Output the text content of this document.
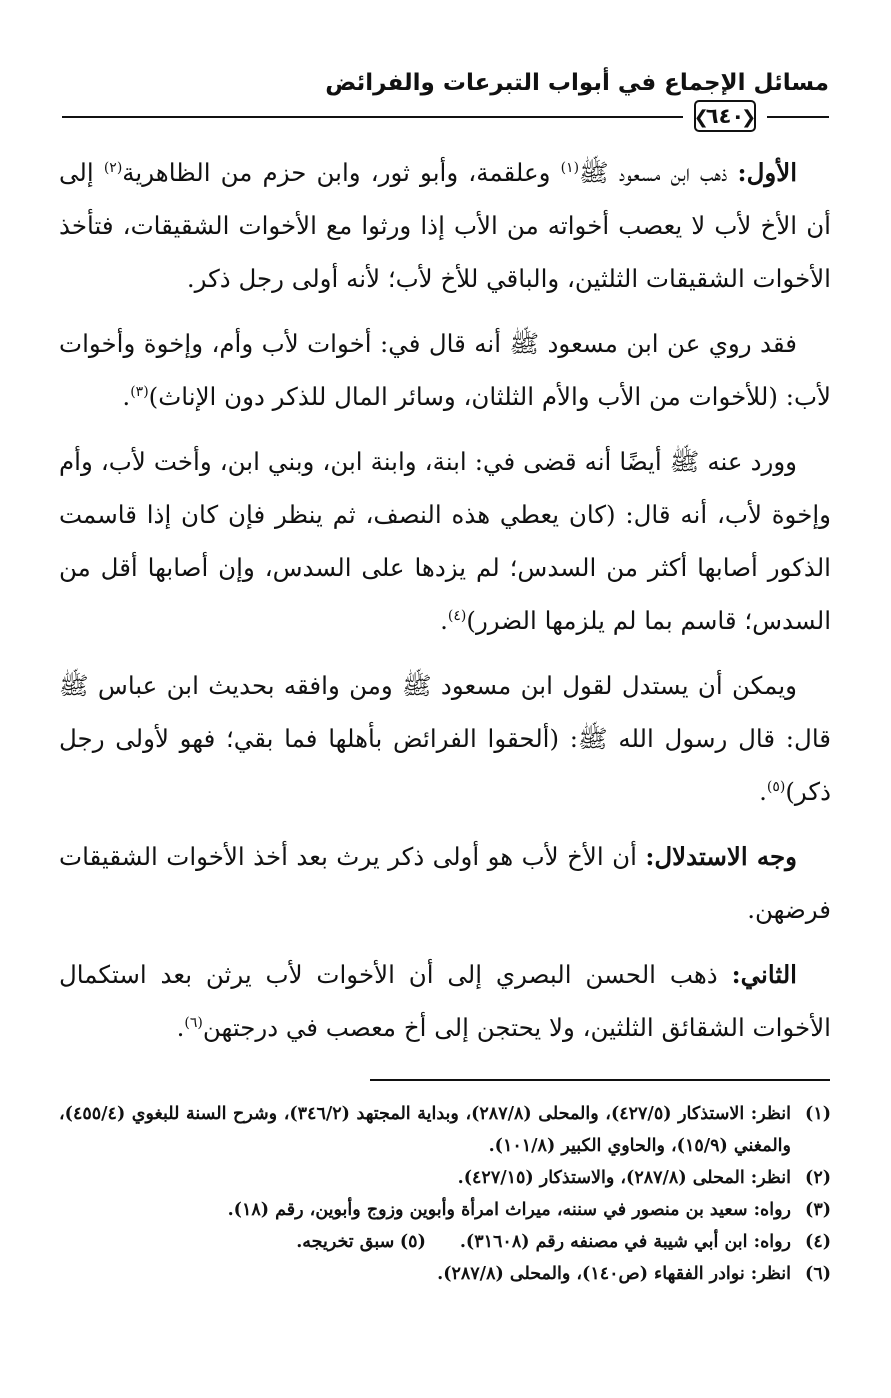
مسائل الإجماع في أبواب التبرعات والفرائض
❮
٦٤٠
❯

الأول: ذهب ابن مسعود ﷺ$^{(١)}$ وعلقمة، وأبو ثور، وابن حزم من الظاهرية$^{(٢)}$ إلى أن الأخ لأب لا يعصب أخواته من الأب إذا ورثوا مع الأخوات الشقيقات، فتأخذ الأخوات الشقيقات الثلثين، والباقي للأخ لأب؛ لأنه أولى رجل ذكر.

فقد روي عن ابن مسعود ﷺ أنه قال في: أخوات لأب وأم، وإخوة وأخوات لأب: (للأخوات من الأب والأم الثلثان، وسائر المال للذكر دون الإناث)$^{(٣)}$.

وورد عنه ﷺ أيضًا أنه قضى في: ابنة، وابنة ابن، وبني ابن، وأخت لأب، وأم وإخوة لأب، أنه قال: (كان يعطي هذه النصف، ثم ينظر فإن كان إذا قاسمت الذكور أصابها أكثر من السدس؛ لم يزدها على السدس، وإن أصابها أقل من السدس؛ قاسم بما لم يلزمها الضرر)$^{(٤)}$.

ويمكن أن يستدل لقول ابن مسعود ﷺ ومن وافقه بحديث ابن عباس ﷺ قال: قال رسول الله ﷺ: (ألحقوا الفرائض بأهلها فما بقي؛ فهو لأولى رجل ذكر)$^{(٥)}$.

وجه الاستدلال: أن الأخ لأب هو أولى ذكر يرث بعد أخذ الأخوات الشقيقات فرضهن.

الثاني: ذهب الحسن البصري إلى أن الأخوات لأب يرثن بعد استكمال الأخوات الشقائق الثلثين، ولا يحتجن إلى أخ معصب في درجتهن$^{(٦)}$.

(١)
انظر: الاستذكار (٤٢٧/٥)، والمحلى (٢٨٧/٨)، وبداية المجتهد (٣٤٦/٢)، وشرح السنة للبغوي (٤٥٥/٤)، والمغني (١٥/٩)، والحاوي الكبير (١٠١/٨).

(٢)
انظر: المحلى (٢٨٧/٨)، والاستذكار (٤٢٧/١٥).

(٣)
رواه: سعيد بن منصور في سننه، ميراث امرأة وأبوين وزوج وأبوين، رقم (١٨).

(٤)
رواه: ابن أبي شيبة في مصنفه رقم (٣١٦٠٨).(٥) سبق تخريجه.

(٦)
انظر: نوادر الفقهاء (ص١٤٠)، والمحلى (٢٨٧/٨).
